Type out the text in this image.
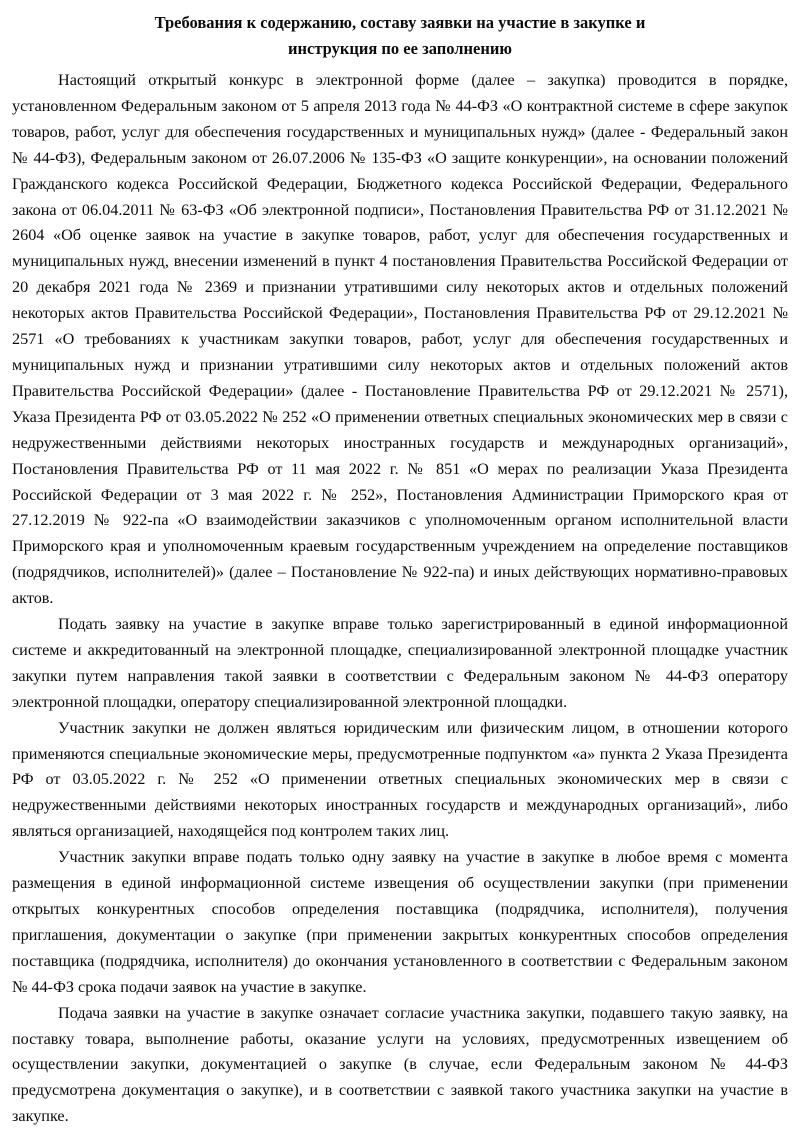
Требования к содержанию, составу заявки на участие в закупке и
инструкция по ее заполнению

Настоящий открытый конкурс в электронной форме (далее – закупка) проводится в порядке, установленном Федеральным законом от 5 апреля 2013 года № 44-ФЗ «О контрактной системе в сфере закупок товаров, работ, услуг для обеспечения государственных и муниципальных нужд» (далее - Федеральный закон № 44-ФЗ), Федеральным законом от 26.07.2006 № 135-ФЗ «О защите конкуренции», на основании положений Гражданского кодекса Российской Федерации, Бюджетного кодекса Российской Федерации, Федерального закона от 06.04.2011 № 63-ФЗ «Об электронной подписи», Постановления Правительства РФ от 31.12.2021 № 2604 «Об оценке заявок на участие в закупке товаров, работ, услуг для обеспечения государственных и муниципальных нужд, внесении изменений в пункт 4 постановления Правительства Российской Федерации от 20 декабря 2021 года № 2369 и признании утратившими силу некоторых актов и отдельных положений некоторых актов Правительства Российской Федерации», Постановления Правительства РФ от 29.12.2021 № 2571 «О требованиях к участникам закупки товаров, работ, услуг для обеспечения государственных и муниципальных нужд и признании утратившими силу некоторых актов и отдельных положений актов Правительства Российской Федерации» (далее - Постановление Правительства РФ от 29.12.2021 № 2571), Указа Президента РФ от 03.05.2022 № 252 «О применении ответных специальных экономических мер в связи с недружественными действиями некоторых иностранных государств и международных организаций», Постановления Правительства РФ от 11 мая 2022 г. № 851 «О мерах по реализации Указа Президента Российской Федерации от 3 мая 2022 г. № 252», Постановления Администрации Приморского края от 27.12.2019 № 922-па «О взаимодействии заказчиков с уполномоченным органом исполнительной власти Приморского края и уполномоченным краевым государственным учреждением на определение поставщиков (подрядчиков, исполнителей)» (далее – Постановление № 922-па) и иных действующих нормативно-правовых актов.

Подать заявку на участие в закупке вправе только зарегистрированный в единой информационной системе и аккредитованный на электронной площадке, специализированной электронной площадке участник закупки путем направления такой заявки в соответствии с Федеральным законом № 44-ФЗ оператору электронной площадки, оператору специализированной электронной площадки.

Участник закупки не должен являться юридическим или физическим лицом, в отношении которого применяются специальные экономические меры, предусмотренные подпунктом «а» пункта 2 Указа Президента РФ от 03.05.2022 г. № 252 «О применении ответных специальных экономических мер в связи с недружественными действиями некоторых иностранных государств и международных организаций», либо являться организацией, находящейся под контролем таких лиц.

Участник закупки вправе подать только одну заявку на участие в закупке в любое время с момента размещения в единой информационной системе извещения об осуществлении закупки (при применении открытых конкурентных способов определения поставщика (подрядчика, исполнителя), получения приглашения, документации о закупке (при применении закрытых конкурентных способов определения поставщика (подрядчика, исполнителя) до окончания установленного в соответствии с Федеральным законом № 44-ФЗ срока подачи заявок на участие в закупке.

Подача заявки на участие в закупке означает согласие участника закупки, подавшего такую заявку, на поставку товара, выполнение работы, оказание услуги на условиях, предусмотренных извещением об осуществлении закупки, документацией о закупке (в случае, если Федеральным законом № 44-ФЗ предусмотрена документация о закупке), и в соответствии с заявкой такого участника закупки на участие в закупке.
